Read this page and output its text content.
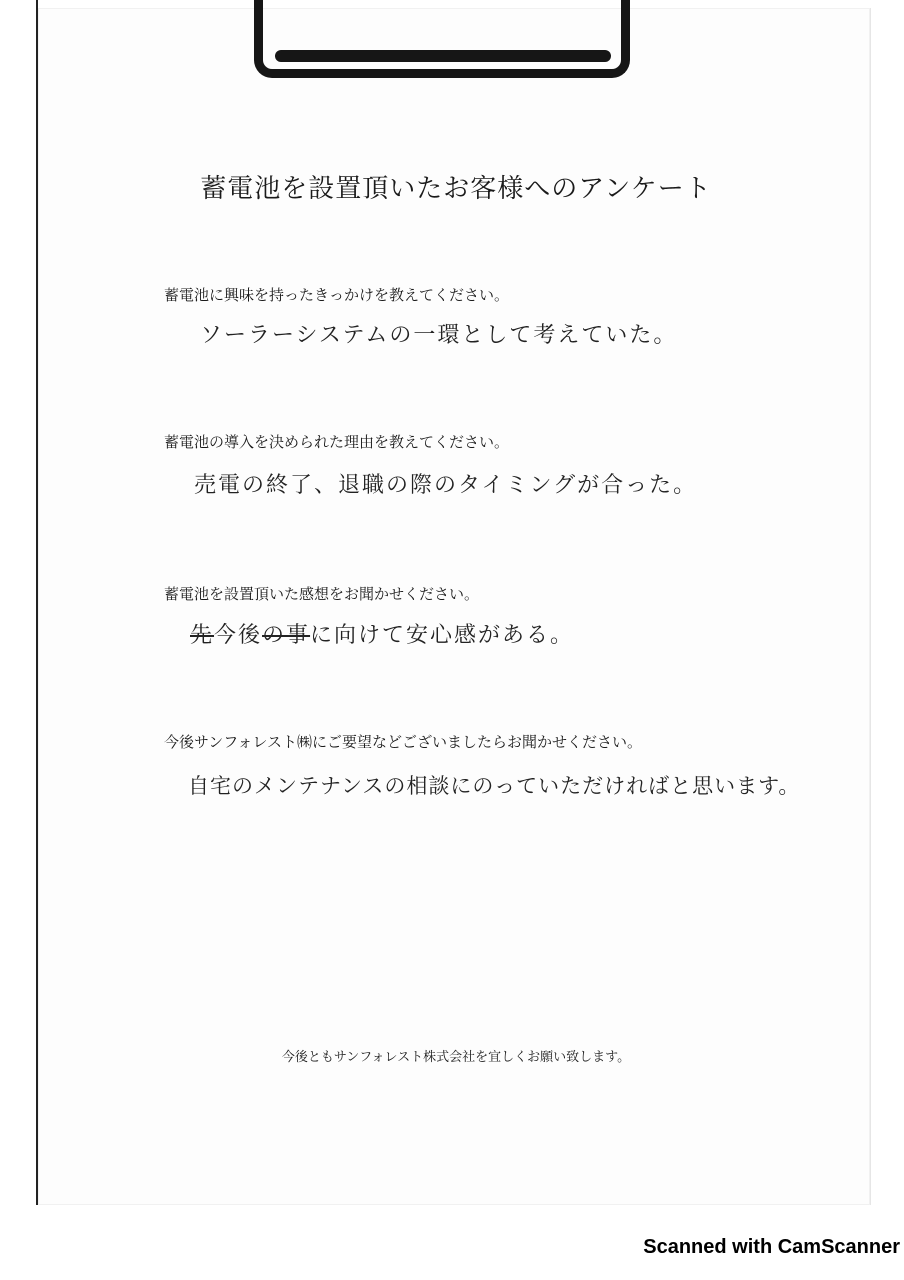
蓄電池を設置頂いたお客様へのアンケート
蓄電池に興味を持ったきっかけを教えてください。
ソーラーシステムの一環として考えていた。
蓄電池の導入を決められた理由を教えてください。
売電の終了、退職の際のタイミングが合った。
蓄電池を設置頂いた感想をお聞かせください。
先今後の事に向けて安心感がある。
今後サンフォレスト㈱にご要望などございましたらお聞かせください。
自宅のメンテナンスの相談にのっていただければと思います。
今後ともサンフォレスト株式会社を宜しくお願い致します。
Scanned with CamScanner
